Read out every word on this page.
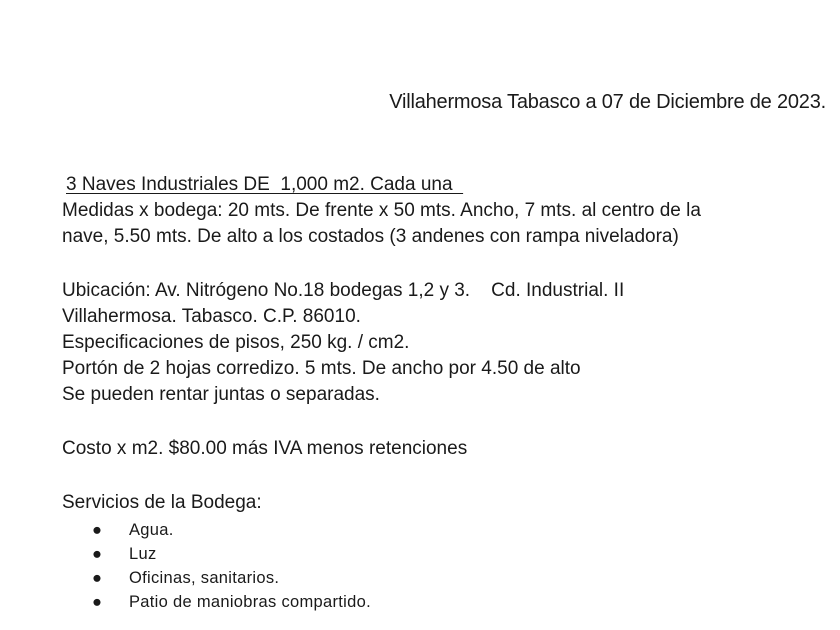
Villahermosa Tabasco a 07 de Diciembre de 2023.
3 Naves Industriales DE  1,000 m2. Cada una
Medidas x bodega: 20 mts. De frente x 50 mts. Ancho, 7 mts. al centro de la
nave, 5.50 mts. De alto a los costados (3 andenes con rampa niveladora)
Ubicación: Av. Nitrógeno No.18 bodegas 1,2 y 3.    Cd. Industrial. II
Villahermosa. Tabasco. C.P. 86010.
Especificaciones de pisos, 250 kg. / cm2.
Portón de 2 hojas corredizo. 5 mts. De ancho por 4.50 de alto
Se pueden rentar juntas o separadas.
Costo x m2. $80.00 más IVA menos retenciones
Servicios de la Bodega:
● Agua.
● Luz
● Oficinas, sanitarios.
● Patio de maniobras compartido.
